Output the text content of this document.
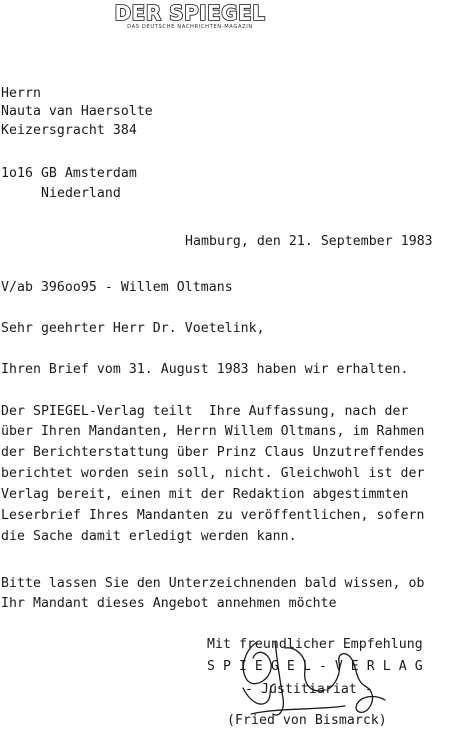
DER SPIEGEL
DAS DEUTSCHE NACHRICHTEN-MAGAZIN
Herrn
Nauta van Haersolte
Keizersgracht 384
1o16 GB Amsterdam
Niederland
Hamburg, den 21. September 1983
V/ab 396oo95 - Willem Oltmans
Sehr geehrter Herr Dr. Voetelink,
Ihren Brief vom 31. August 1983 haben wir erhalten.
Der SPIEGEL-Verlag teilt  Ihre Auffassung, nach der
über Ihren Mandanten, Herrn Willem Oltmans, im Rahmen
der Berichterstattung über Prinz Claus Unzutreffendes
berichtet worden sein soll, nicht. Gleichwohl ist der
Verlag bereit, einen mit der Redaktion abgestimmten
Leserbrief Ihres Mandanten zu veröffentlichen, sofern
die Sache damit erledigt werden kann.
Bitte lassen Sie den Unterzeichnenden bald wissen, ob
Ihr Mandant dieses Angebot annehmen möchte
Mit freundlicher Empfehlung
S P I E G E L - V E R L A G
- Justitiariat -
(Fried von Bismarck)
